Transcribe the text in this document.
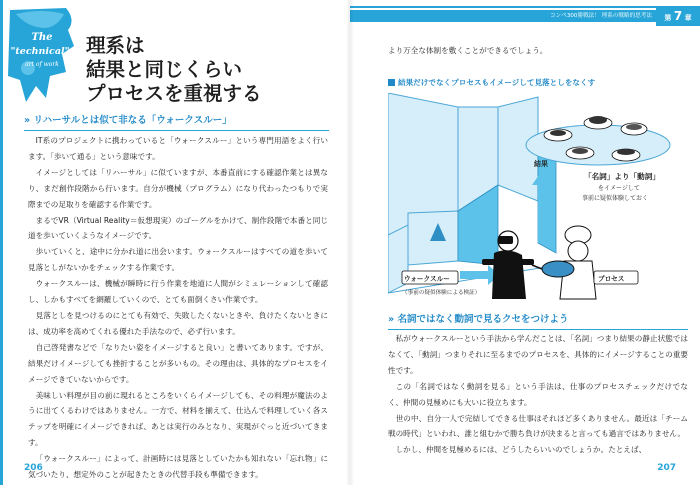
The
"technical"
art of work
理系は
結果と同じくらい
プロセスを重視する
» リハーサルとは似て非なる「ウォークスルー」

IT系のプロジェクトに携わっていると「ウォークスルー」という専門用語をよく行います。「歩いて通る」という意味です。

イメージとしては「リハーサル」に似ていますが、本番直前にする確認作業とは異なり、まだ創作段階から行います。自分が機械（プログラム）になり代わったつもりで実際までの足取りを確認する作業です。

まるでVR（Virtual Reality＝仮想現実）のゴーグルをかけて、制作段階で本番と同じ道を歩いていくようなイメージです。

歩いていくと、途中に分かれ道に出会います。ウォークスルーはすべての道を歩いて見落としがないかをチェックする作業です。

ウォークスルーは、機械が瞬時に行う作業を地道に人間がシミュレーションして確認し、しかもすべてを網羅していくので、とても面倒くさい作業です。

見落としを見つけるのにとても有効で、失敗したくないときや、負けたくないときには、成功率を高めてくれる優れた手法なので、必ず行います。

自己啓発書などで「なりたい姿をイメージすると良い」と書いてあります。ですが、結果だけイメージしても挫折することが多いもの。その理由は、具体的なプロセスをイメージできていないからです。

美味しい料理が目の前に現れるところをいくらイメージしても、その料理が魔法のように出てくるわけではありません。一方で、材料を揃えて、仕込んで料理していく各ステップを明確にイメージできれば、あとは実行のみとなり、実現がぐっと近づいてきます。

「ウォークスルー」によって、計画時には見落としていたかも知れない「忘れ物」に気づいたり、想定外のことが起きたときの代替手段も準備できます。

206
コンペ300勝戦法！ 理系の戦略的思考法	第 7 章

より万全な体制を敷くことができるでしょう。

結果だけでなくプロセスもイメージして見落としをなくす
結果
「名詞」より「動詞」
をイメージして
事前に疑似体験しておく
ウォークスルー
（事前の疑似体験による検証）
プロセス
» 名詞ではなく動詞で見るクセをつけよう

私がウォークスルーという手法から学んだことは、「名詞」つまり結果の静止状態ではなくて、「動詞」つまりそれに至るまでのプロセスを、具体的にイメージすることの重要性です。

この「名詞ではなく動詞を見る」という手法は、仕事のプロセスチェックだけでなく、仲間の見極めにも大いに役立ちます。

世の中、自分一人で完結してできる仕事はそれほど多くありません。最近は「チーム戦の時代」といわれ、誰と組むかで勝ち負けが決まると言っても過言ではありません。

しかし、仲間を見極めるには、どうしたらいいのでしょうか。たとえば、

207
